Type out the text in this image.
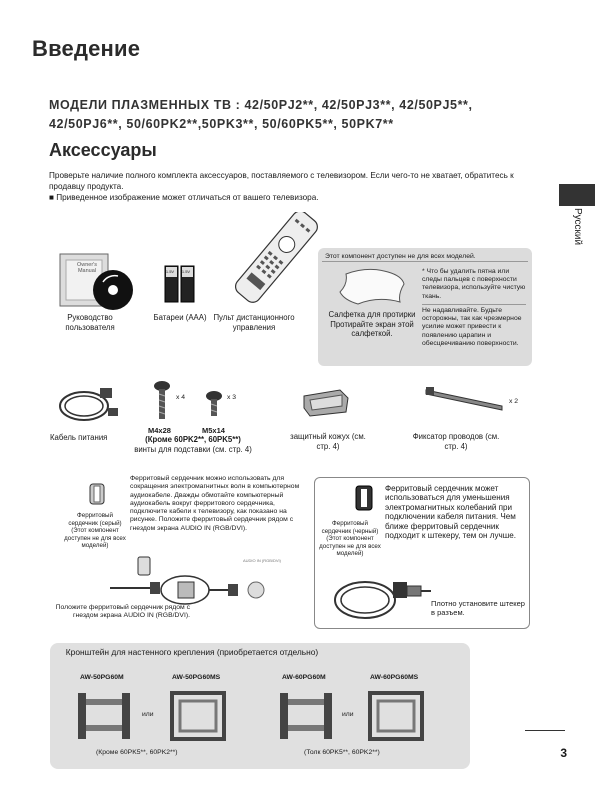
Введение
МОДЕЛИ ПЛАЗМЕННЫХ ТВ : 42/50PJ2**, 42/50PJ3**, 42/50PJ5**,
42/50PJ6**, 50/60PK2**,50PK3**, 50/60PK5**, 50PK7**
Аксессуары
Проверьте наличие полного комплекта аксессуаров, поставляемого с телевизором. Если чего-то не хватает, обратитесь к продавцу продукта.
■ Приведенное изображение может отличаться от вашего телевизора.
Русский
Owner's Manual
Руководство пользователя
1.5V 1.5V
Батареи (AAA) Пульт дистанционного управления
Этот компонент доступен не для всех моделей.
Салфетка для протирки Протирайте экран этой салфеткой.
* Что бы удалить пятна или следы пальцев с поверхности телевизора, используйте чистую ткань.
Не надавливайте. Будьте осторожны, так как чрезмерное усилие может привести к появлению царапин и обесцвечиванию поверхности.
Кабель питания
x 4	x 3
M4x28	M5x14
(Кроме 60PK2**, 60PK5**)
винты для подставки (см. стр. 4)
защитный кожух (см. стр. 4)
x 2
Фиксатор проводов (см. стр. 4)
Ферритовый сердечник можно использовать для сокращения электромагнитных волн в компьютерном аудиокабеле. Дважды обмотайте компьютерный аудиокабель вокруг ферритового сердечника, подключите кабели к телевизору, как показано на рисунке. Положите ферритовый сердечник рядом с гнездом экрана AUDIO IN (RGB/DVI).
Ферритовый сердечник (серый) (Этот компонент доступен не для всех моделей)
AUDIO IN (RGB/DVI)
Положите ферритовый сердечник рядом с гнездом экрана AUDIO IN (RGB/DVI).
Ферритовый сердечник (черный) (Этот компонент доступен не для всех моделей)
Ферритовый сердечник может использоваться для уменьшения электромагнитных колебаний при подключении кабеля питания. Чем ближе ферритовый сердечник подходит к штекеру, тем он лучше.
Плотно установите штекер в разъем.
Кронштейн для настенного крепления (приобретается отдельно)
AW-50PG60M	AW-50PG60MS	AW-60PG60M	AW-60PG60MS
или	или
(Кроме 60PK5**, 60PK2**)	(Толк 60PK5**, 60PK2**)	3
